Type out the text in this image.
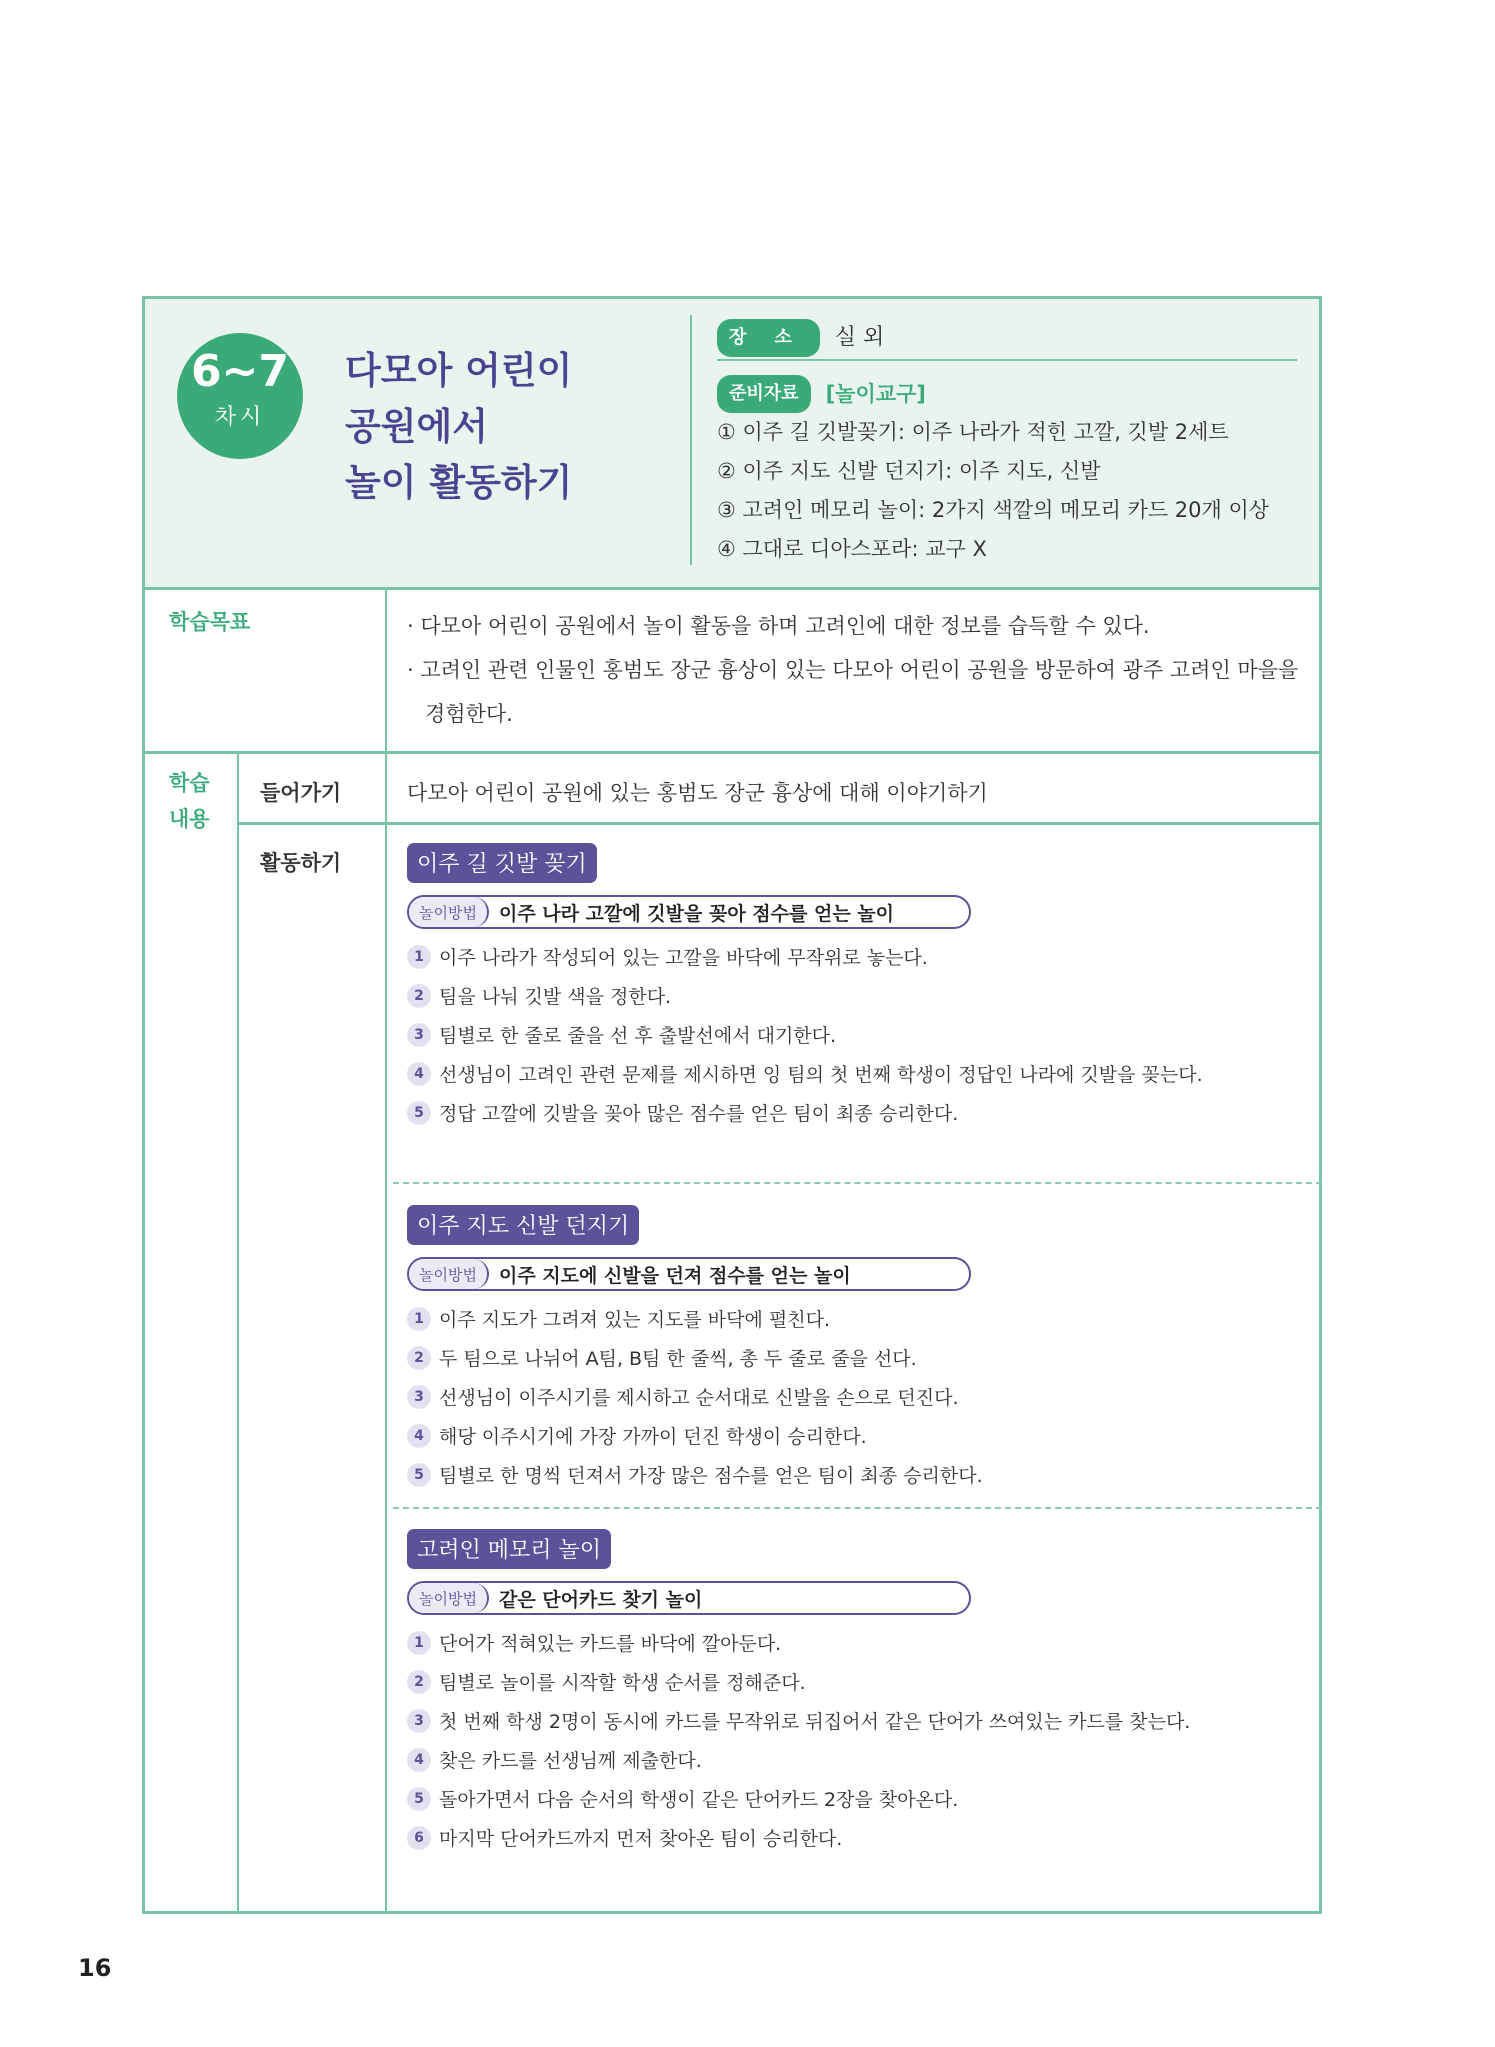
6~7
차시
다모아 어린이
공원에서
놀이 활동하기
장소 실 외
준비자료 [놀이교구]
① 이주 길 깃발꽂기: 이주 나라가 적힌 고깔, 깃발 2세트
② 이주 지도 신발 던지기: 이주 지도, 신발
③ 고려인 메모리 놀이: 2가지 색깔의 메모리 카드 20개 이상
④ 그대로 디아스포라: 교구 X
학습목표	· 다모아 어린이 공원에서 놀이 활동을 하며 고려인에 대한 정보를 습득할 수 있다.

· 고려인 관련 인물인 홍범도 장군 흉상이 있는 다모아 어린이 공원을 방문하여 광주 고려인 마을을 경험한다.

학습
내용
들어가기	다모아 어린이 공원에 있는 홍범도 장군 흉상에 대해 이야기하기
활동하기	이주 길 깃발 꽂기
놀이방법	이주 나라 고깔에 깃발을 꽂아 점수를 얻는 놀이
1 이주 나라가 작성되어 있는 고깔을 바닥에 무작위로 놓는다.
2 팀을 나눠 깃발 색을 정한다.
3 팀별로 한 줄로 줄을 선 후 출발선에서 대기한다.
4 선생님이 고려인 관련 문제를 제시하면 잉 팀의 첫 번째 학생이 정답인 나라에 깃발을 꽂는다.
5 정답 고깔에 깃발을 꽂아 많은 점수를 얻은 팀이 최종 승리한다.
이주 지도 신발 던지기
놀이방법	이주 지도에 신발을 던져 점수를 얻는 놀이
1 이주 지도가 그려져 있는 지도를 바닥에 펼친다.
2 두 팀으로 나뉘어 A팀, B팀 한 줄씩, 총 두 줄로 줄을 선다.
3 선생님이 이주시기를 제시하고 순서대로 신발을 손으로 던진다.
4 해당 이주시기에 가장 가까이 던진 학생이 승리한다.
5 팀별로 한 명씩 던져서 가장 많은 점수를 얻은 팀이 최종 승리한다.
고려인 메모리 놀이
놀이방법	같은 단어카드 찾기 놀이
1 단어가 적혀있는 카드를 바닥에 깔아둔다.
2 팀별로 놀이를 시작할 학생 순서를 정해준다.
3 첫 번째 학생 2명이 동시에 카드를 무작위로 뒤집어서 같은 단어가 쓰여있는 카드를 찾는다.
4 찾은 카드를 선생님께 제출한다.
5 돌아가면서 다음 순서의 학생이 같은 단어카드 2장을 찾아온다.
6 마지막 단어카드까지 먼저 찾아온 팀이 승리한다.
16
